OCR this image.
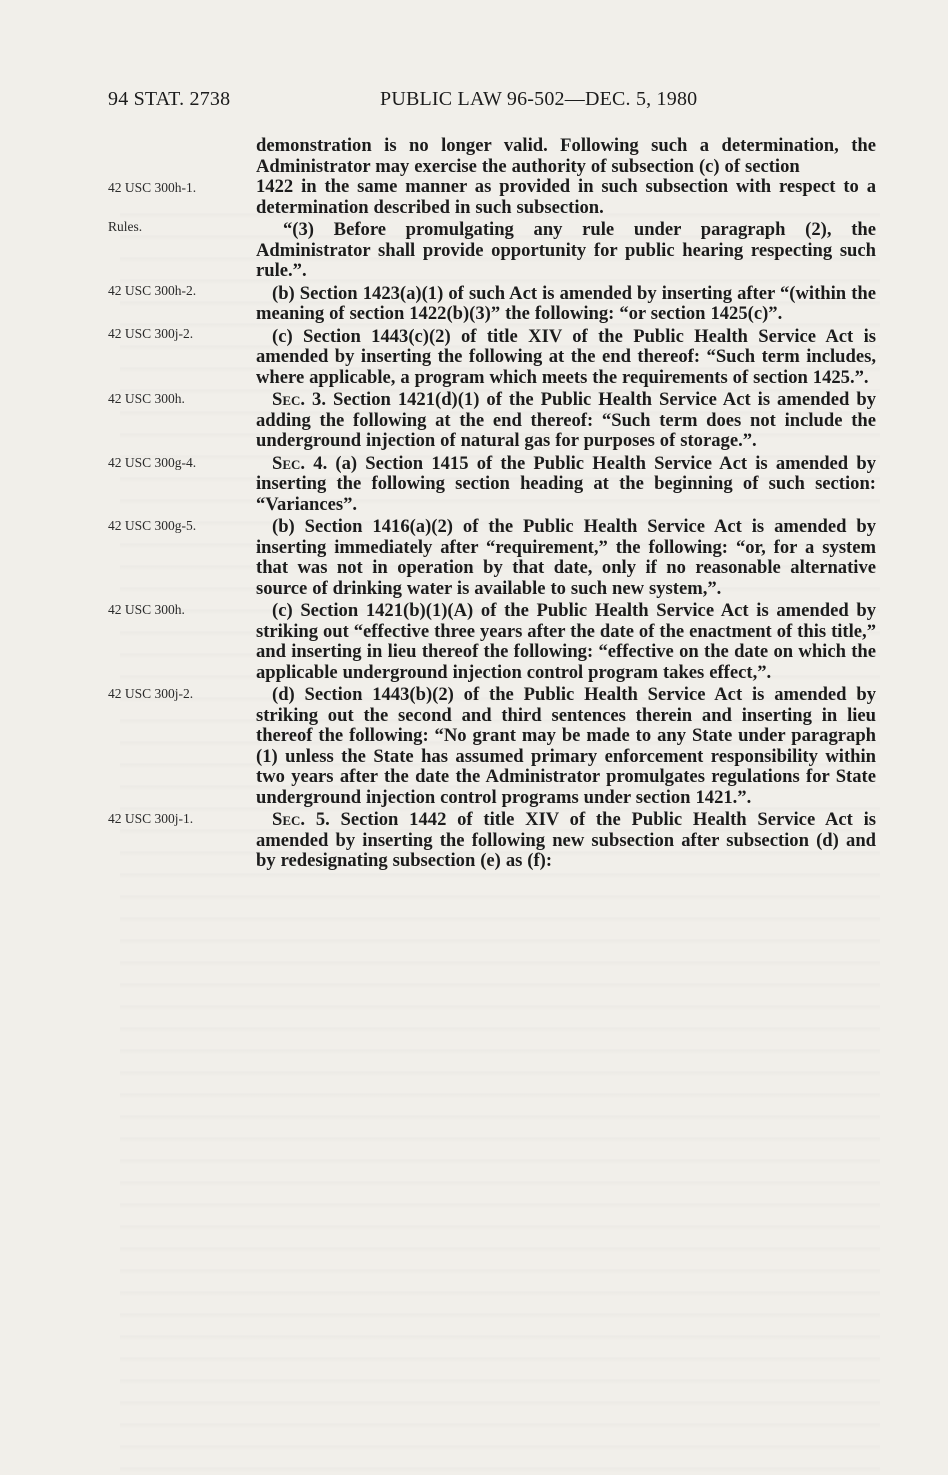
94 STAT. 2738	PUBLIC LAW 96-502—DEC. 5, 1980
demonstration is no longer valid. Following such a determination, the Administrator may exercise the authority of subsection (c) of section
42 USC 300h-1.	1422 in the same manner as provided in such subsection with respect to a determination described in such subsection.
Rules.	“(3) Before promulgating any rule under paragraph (2), the Administrator shall provide opportunity for public hearing respecting such rule.”.
42 USC 300h-2.	(b) Section 1423(a)(1) of such Act is amended by inserting after “(within the meaning of section 1422(b)(3)” the following: “or section 1425(c)”.
42 USC 300j-2.	(c) Section 1443(c)(2) of title XIV of the Public Health Service Act is amended by inserting the following at the end thereof: “Such term includes, where applicable, a program which meets the requirements of section 1425.”.
42 USC 300h.	Sec. 3. Section 1421(d)(1) of the Public Health Service Act is amended by adding the following at the end thereof: “Such term does not include the underground injection of natural gas for purposes of storage.”.
42 USC 300g-4.	Sec. 4. (a) Section 1415 of the Public Health Service Act is amended by inserting the following section heading at the beginning of such section: “Variances”.
42 USC 300g-5.	(b) Section 1416(a)(2) of the Public Health Service Act is amended by inserting immediately after “requirement,” the following: “or, for a system that was not in operation by that date, only if no reasonable alternative source of drinking water is available to such new system,”.
42 USC 300h.	(c) Section 1421(b)(1)(A) of the Public Health Service Act is amended by striking out “effective three years after the date of the enactment of this title,” and inserting in lieu thereof the following: “effective on the date on which the applicable underground injection control program takes effect,”.
42 USC 300j-2.	(d) Section 1443(b)(2) of the Public Health Service Act is amended by striking out the second and third sentences therein and inserting in lieu thereof the following: “No grant may be made to any State under paragraph (1) unless the State has assumed primary enforcement responsibility within two years after the date the Administrator promulgates regulations for State underground injection control programs under section 1421.”.
42 USC 300j-1.	Sec. 5. Section 1442 of title XIV of the Public Health Service Act is amended by inserting the following new subsection after subsection (d) and by redesignating subsection (e) as (f):
